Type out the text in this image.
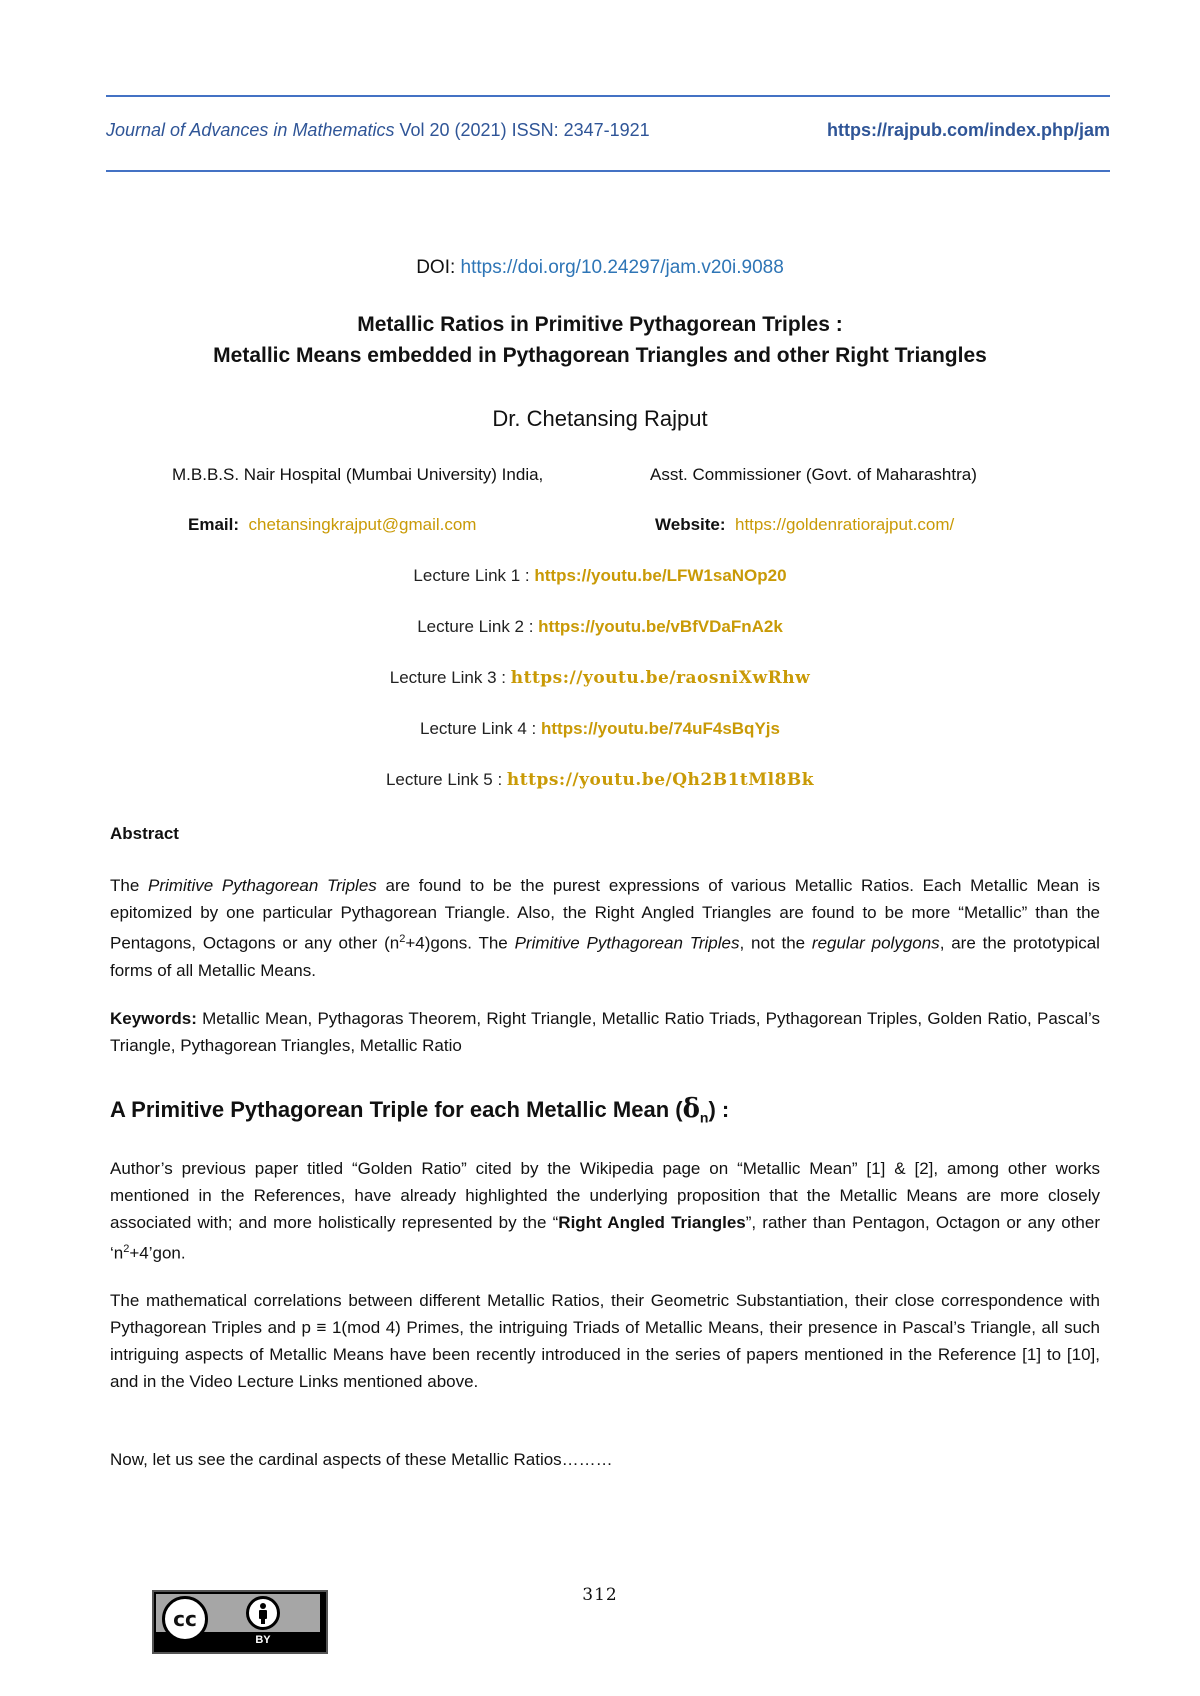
Journal of Advances in Mathematics Vol 20 (2021) ISSN: 2347-1921	https://rajpub.com/index.php/jam
DOI: https://doi.org/10.24297/jam.v20i.9088
Metallic Ratios in Primitive Pythagorean Triples :
Metallic Means embedded in Pythagorean Triangles and other Right Triangles
Dr. Chetansing Rajput
M.B.B.S. Nair Hospital (Mumbai University) India,	Asst. Commissioner (Govt. of Maharashtra)
Email: chetansingkrajput@gmail.com	Website: https://goldenratiorajput.com/
Lecture Link 1 : https://youtu.be/LFW1saNOp20
Lecture Link 2 : https://youtu.be/vBfVDaFnA2k
Lecture Link 3 : https://youtu.be/raosniXwRhw
Lecture Link 4 : https://youtu.be/74uF4sBqYjs
Lecture Link 5 : https://youtu.be/Qh2B1tMl8Bk
Abstract
The Primitive Pythagorean Triples are found to be the purest expressions of various Metallic Ratios. Each Metallic Mean is epitomized by one particular Pythagorean Triangle. Also, the Right Angled Triangles are found to be more “Metallic” than the Pentagons, Octagons or any other $(n^2+4)gons$. The Primitive Pythagorean Triples, not the regular polygons, are the prototypical forms of all Metallic Means.
Keywords: Metallic Mean, Pythagoras Theorem, Right Triangle, Metallic Ratio Triads, Pythagorean Triples, Golden Ratio, Pascal’s Triangle, Pythagorean Triangles, Metallic Ratio
A Primitive Pythagorean Triple for each Metallic Mean $(\delta_n)$ :
Author’s previous paper titled “Golden Ratio” cited by the Wikipedia page on “Metallic Mean” [1] & [2], among other works mentioned in the References, have already highlighted the underlying proposition that the Metallic Means are more closely associated with; and more holistically represented by the “Right Angled Triangles”, rather than Pentagon, Octagon or any other ‘$n^2+4’gon$.
The mathematical correlations between different Metallic Ratios, their Geometric Substantiation, their close correspondence with Pythagorean Triples and p ≡ 1(mod 4) Primes, the intriguing Triads of Metallic Means, their presence in Pascal’s Triangle, all such intriguing aspects of Metallic Means have been recently introduced in the series of papers mentioned in the Reference [1] to [10], and in the Video Lecture Links mentioned above.
Now, let us see the cardinal aspects of these Metallic Ratios………
312
cc
BY
